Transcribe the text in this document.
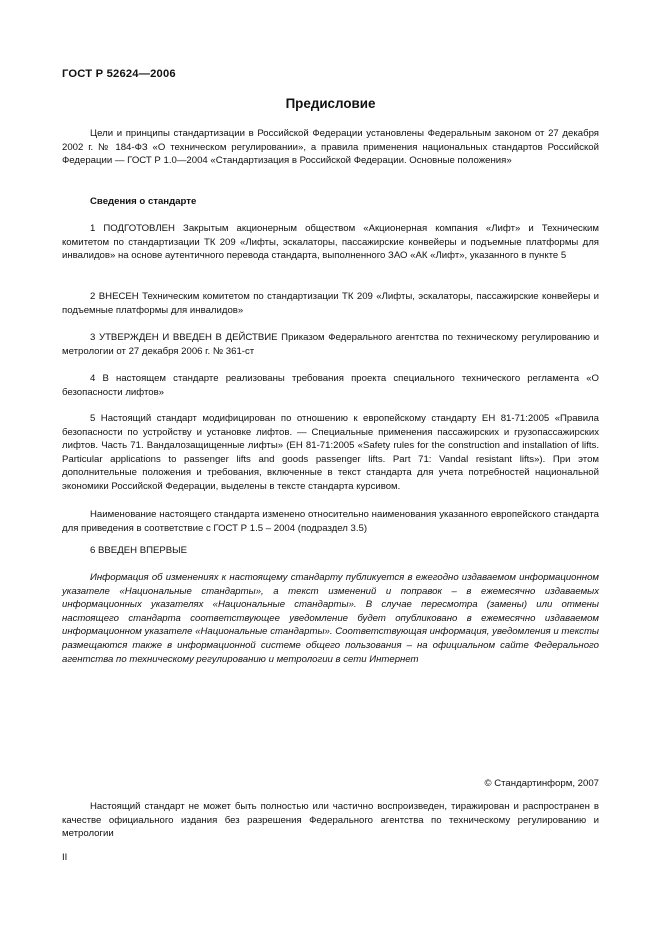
ГОСТ Р 52624—2006
Предисловие

Цели и принципы стандартизации в Российской Федерации установлены Федеральным законом от 27 декабря 2002 г. № 184-ФЗ «О техническом регулировании», а правила применения национальных стандартов Российской Федерации — ГОСТ Р 1.0—2004 «Стандартизация в Российской Федерации. Основные положения»

Сведения о стандарте

1 ПОДГОТОВЛЕН Закрытым акционерным обществом «Акционерная компания «Лифт» и Техническим комитетом по стандартизации ТК 209 «Лифты, эскалаторы, пассажирские конвейеры и подъемные платформы для инвалидов» на основе аутентичного перевода стандарта, выполненного ЗАО «АК «Лифт», указанного в пункте 5

2 ВНЕСЕН Техническим комитетом по стандартизации ТК 209 «Лифты, эскалаторы, пассажирские конвейеры и подъемные платформы для инвалидов»

3 УТВЕРЖДЕН И ВВЕДЕН В ДЕЙСТВИЕ Приказом Федерального агентства по техническому регулированию и метрологии от 27 декабря 2006 г. № 361-ст

4 В настоящем стандарте реализованы требования проекта специального технического регламента «О безопасности лифтов»

5 Настоящий стандарт модифицирован по отношению к европейскому стандарту ЕН 81-71:2005 «Правила безопасности по устройству и установке лифтов. — Специальные применения пассажирских и грузопассажирских лифтов. Часть 71. Вандалозащищенные лифты» (EH 81-71:2005 «Safety rules for the construction and installation of lifts. Particular applications to passenger lifts and goods passenger lifts. Part 71: Vandal resistant lifts»). При этом дополнительные положения и требования, включенные в текст стандарта для учета потребностей национальной экономики Российской Федерации, выделены в тексте стандарта курсивом.

Наименование настоящего стандарта изменено относительно наименования указанного европейского стандарта для приведения в соответствие с ГОСТ Р 1.5 – 2004 (подраздел 3.5)

6 ВВЕДЕН ВПЕРВЫЕ

Информация об изменениях к настоящему стандарту публикуется в ежегодно издаваемом информационном указателе «Национальные стандарты», а текст изменений и поправок – в ежемесячно издаваемых информационных указателях «Национальные стандарты». В случае пересмотра (замены) или отмены настоящего стандарта соответствующее уведомление будет опубликовано в ежемесячно издаваемом информационном указателе «Национальные стандарты». Соответствующая информация, уведомления и тексты размещаются также в информационной системе общего пользования – на официальном сайте Федерального агентства по техническому регулированию и метрологии в сети Интернет

© Стандартинформ, 2007

Настоящий стандарт не может быть полностью или частично воспроизведен, тиражирован и распространен в качестве официального издания без разрешения Федерального агентства по техническому регулированию и метрологии

II
